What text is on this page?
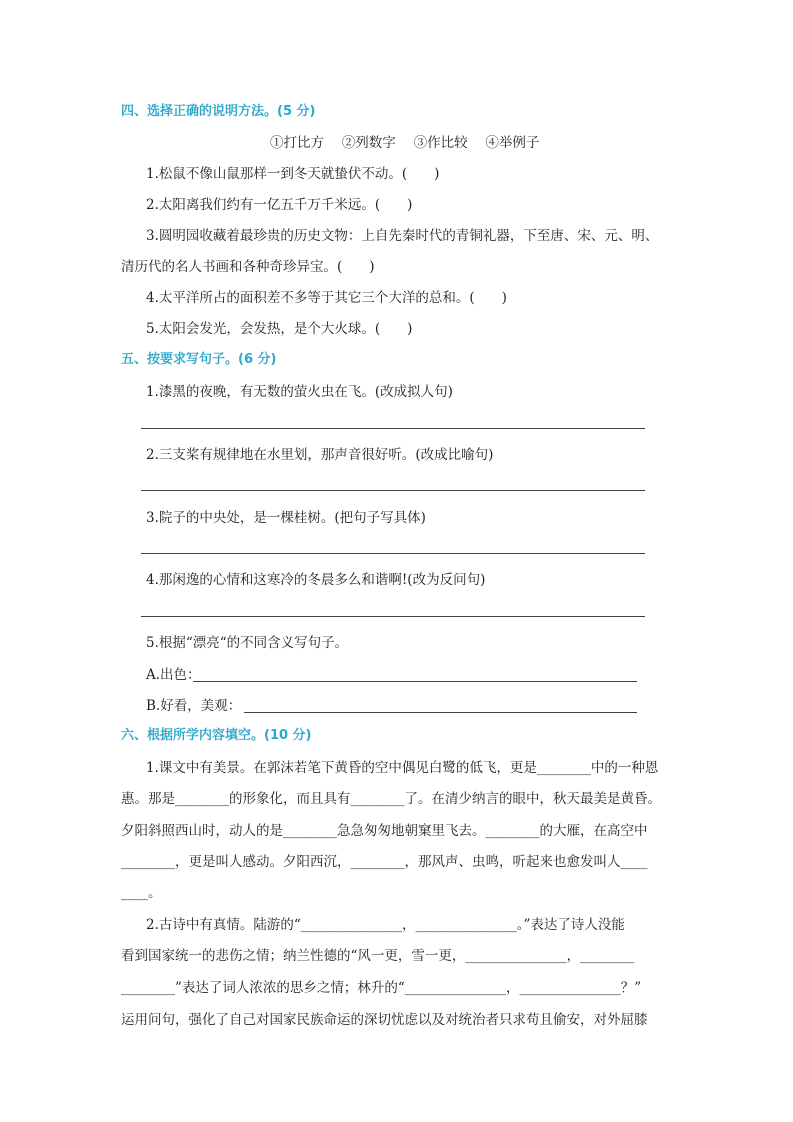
四、选择正确的说明方法。(5 分)
①打比方　 ②列数字　 ③作比较　 ④举例子
1.松鼠不像山鼠那样一到冬天就蛰伏不动。(　　)
2.太阳离我们约有一亿五千万千米远。(　　)
3.圆明园收藏着最珍贵的历史文物：上自先秦时代的青铜礼器，下至唐、宋、元、明、
清历代的名人书画和各种奇珍异宝。(　　)
4.太平洋所占的面积差不多等于其它三个大洋的总和。(　　)
5.太阳会发光，会发热，是个大火球。(　　)
五、按要求写句子。(6 分)
1.漆黑的夜晚，有无数的萤火虫在飞。(改成拟人句)
2.三支桨有规律地在水里划，那声音很好听。(改成比喻句)
3.院子的中央处，是一棵桂树。(把句子写具体)
4.那闲逸的心情和这寒冷的冬晨多么和谐啊!(改为反问句)
5.根据“漂亮“的不同含义写句子。
A.出色：
B.好看，美观：
六、根据所学内容填空。(10 分)
1.课文中有美景。在郭沫若笔下黄昏的空中偶见白鹭的低飞，更是________中的一种恩
惠。那是________的形象化，而且具有________了。在清少纳言的眼中，秋天最美是黄昏。
夕阳斜照西山时，动人的是________急急匆匆地朝窠里飞去。________的大雁，在高空中
________，更是叫人感动。夕阳西沉，________，那风声、虫鸣，听起来也愈发叫人____
____。
2.古诗中有真情。陆游的“_______________，_______________。”表达了诗人没能
看到国家统一的悲伤之情；纳兰性德的“风一更，雪一更，_______________，________
________”表达了词人浓浓的思乡之情；林升的“_______________，_______________？”
运用问句，强化了自己对国家民族命运的深切忧虑以及对统治者只求苟且偷安，对外屈膝
